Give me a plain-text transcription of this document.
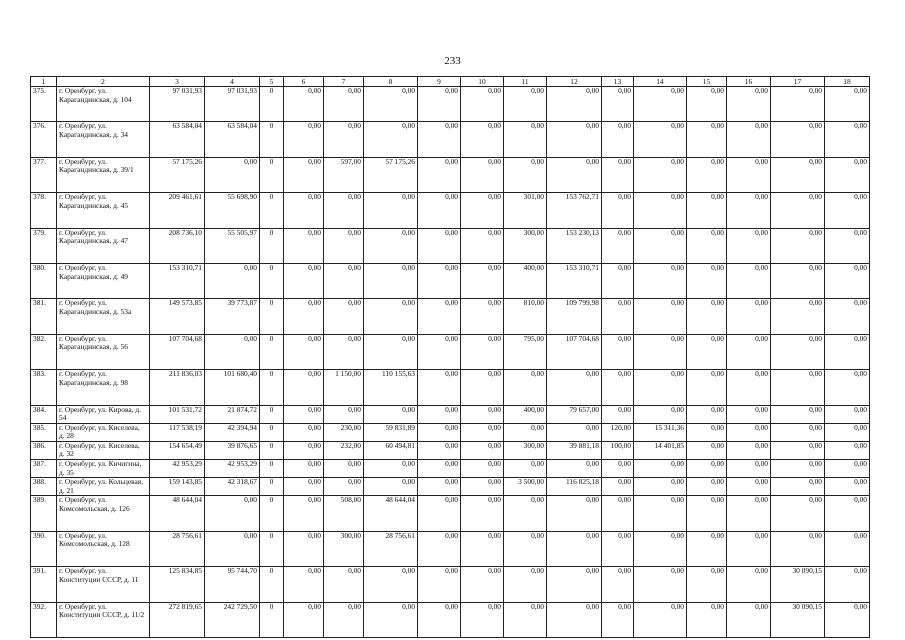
233
1	2	3	4	5	6	7	8	9	10	11	12	13	14	15	16	17	18
375.	г. Оренбург, ул. Карагандинская, д. 104	97 031,93	97 031,93	0	0,00	0,00	0,00	0,00	0,00	0,00	0,00	0,00	0,00	0,00	0,00	0,00	0,00
376.	г. Оренбург, ул. Карагандинская, д. 34	63 584,04	63 584,04	0	0,00	0,00	0,00	0,00	0,00	0,00	0,00	0,00	0,00	0,00	0,00	0,00	0,00
377.	г. Оренбург, ул. Карагандинская, д. 39/1	57 175,26	0,00	0	0,00	597,00	57 175,26	0,00	0,00	0,00	0,00	0,00	0,00	0,00	0,00	0,00	0,00
378.	г. Оренбург, ул. Карагандинская, д. 45	209 461,61	55 698,90	0	0,00	0,00	0,00	0,00	0,00	301,00	153 762,71	0,00	0,00	0,00	0,00	0,00	0,00
379.	г. Оренбург, ул. Карагандинская, д. 47	208 736,10	55 505,97	0	0,00	0,00	0,00	0,00	0,00	300,00	153 230,13	0,00	0,00	0,00	0,00	0,00	0,00
380.	г. Оренбург, ул. Карагандинская, д. 49	153 310,71	0,00	0	0,00	0,00	0,00	0,00	0,00	400,00	153 310,71	0,00	0,00	0,00	0,00	0,00	0,00
381.	г. Оренбург, ул. Карагандинская, д. 53а	149 573,85	39 773,87	0	0,00	0,00	0,00	0,00	0,00	810,00	109 799,98	0,00	0,00	0,00	0,00	0,00	0,00
382.	г. Оренбург, ул. Карагандинская, д. 56	107 704,68	0,00	0	0,00	0,00	0,00	0,00	0,00	795,00	107 704,68	0,00	0,00	0,00	0,00	0,00	0,00
383.	г. Оренбург, ул. Карагандинская, д. 98	211 836,03	101 680,40	0	0,00	1 150,00	110 155,63	0,00	0,00	0,00	0,00	0,00	0,00	0,00	0,00	0,00	0,00
384.	г. Оренбург, ул. Кирова, д. 54	101 531,72	21 874,72	0	0,00	0,00	0,00	0,00	0,00	400,00	79 657,00	0,00	0,00	0,00	0,00	0,00	0,00
385.	г. Оренбург, ул. Киселева, д. 28	117 538,19	42 394,94	0	0,00	230,00	59 831,89	0,00	0,00	0,00	0,00	120,00	15 311,36	0,00	0,00	0,00	0,00
386.	г. Оренбург, ул. Киселева, д. 32	154 654,49	39 876,65	0	0,00	232,00	60 494,81	0,00	0,00	300,00	39 881,18	100,00	14 401,85	0,00	0,00	0,00	0,00
387.	г. Оренбург, ул. Кичигина, д. 35	42 953,29	42 953,29	0	0,00	0,00	0,00	0,00	0,00	0,00	0,00	0,00	0,00	0,00	0,00	0,00	0,00
388.	г. Оренбург, ул. Кольцевая, д. 21	159 143,85	42 318,67	0	0,00	0,00	0,00	0,00	0,00	3 500,00	116 825,18	0,00	0,00	0,00	0,00	0,00	0,00
389.	г. Оренбург, ул. Комсомольская, д. 126	48 644,04	0,00	0	0,00	508,00	48 644,04	0,00	0,00	0,00	0,00	0,00	0,00	0,00	0,00	0,00	0,00
390.	г. Оренбург, ул. Комсомольская, д. 128	28 756,61	0,00	0	0,00	300,00	28 756,61	0,00	0,00	0,00	0,00	0,00	0,00	0,00	0,00	0,00	0,00
391.	г. Оренбург, ул. Конституции СССР, д. 11	125 834,85	95 744,70	0	0,00	0,00	0,00	0,00	0,00	0,00	0,00	0,00	0,00	0,00	0,00	30 090,15	0,00
392.	г. Оренбург, ул. Конституции СССР, д. 11/2	272 819,65	242 729,50	0	0,00	0,00	0,00	0,00	0,00	0,00	0,00	0,00	0,00	0,00	0,00	30 090,15	0,00
